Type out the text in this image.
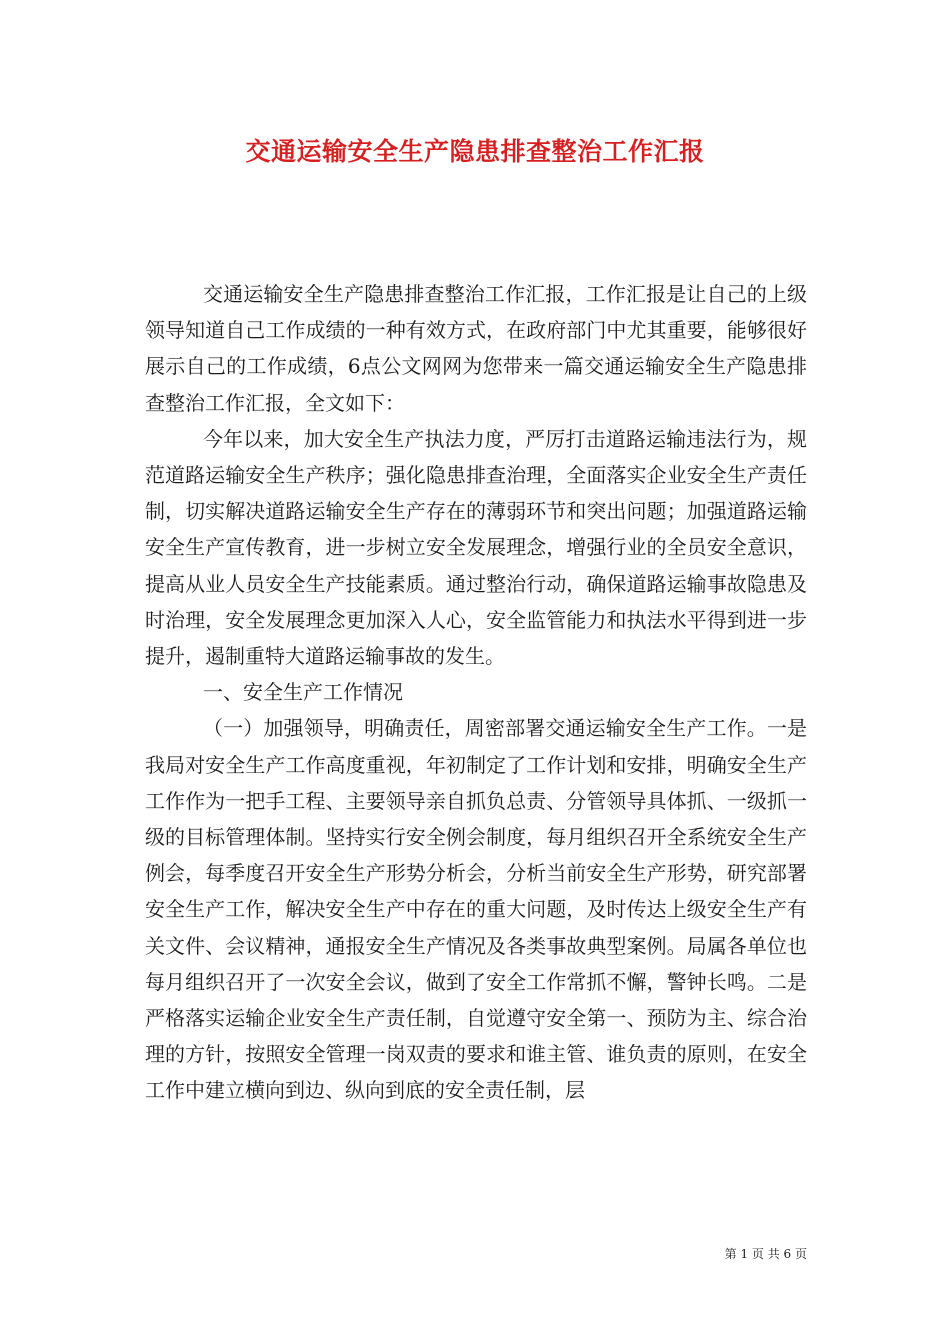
交通运输安全生产隐患排查整治工作汇报

交通运输安全生产隐患排查整治工作汇报，工作汇报是让自己的上级领导知道自己工作成绩的一种有效方式，在政府部门中尤其重要，能够很好展示自己的工作成绩，6点公文网网为您带来一篇交通运输安全生产隐患排查整治工作汇报，全文如下：

今年以来，加大安全生产执法力度，严厉打击道路运输违法行为，规范道路运输安全生产秩序；强化隐患排查治理，全面落实企业安全生产责任制，切实解决道路运输安全生产存在的薄弱环节和突出问题；加强道路运输安全生产宣传教育，进一步树立安全发展理念，增强行业的全员安全意识，提高从业人员安全生产技能素质。通过整治行动，确保道路运输事故隐患及时治理，安全发展理念更加深入人心，安全监管能力和执法水平得到进一步提升，遏制重特大道路运输事故的发生。

一、安全生产工作情况

（一）加强领导，明确责任，周密部署交通运输安全生产工作。一是我局对安全生产工作高度重视，年初制定了工作计划和安排，明确安全生产工作作为一把手工程、主要领导亲自抓负总责、分管领导具体抓、一级抓一级的目标管理体制。坚持实行安全例会制度，每月组织召开全系统安全生产例会，每季度召开安全生产形势分析会，分析当前安全生产形势，研究部署安全生产工作，解决安全生产中存在的重大问题，及时传达上级安全生产有关文件、会议精神，通报安全生产情况及各类事故典型案例。局属各单位也每月组织召开了一次安全会议，做到了安全工作常抓不懈，警钟长鸣。二是严格落实运输企业安全生产责任制，自觉遵守安全第一、预防为主、综合治理的方针，按照安全管理一岗双责的要求和谁主管、谁负责的原则，在安全工作中建立横向到边、纵向到底的安全责任制，层

第 1 页 共 6 页
